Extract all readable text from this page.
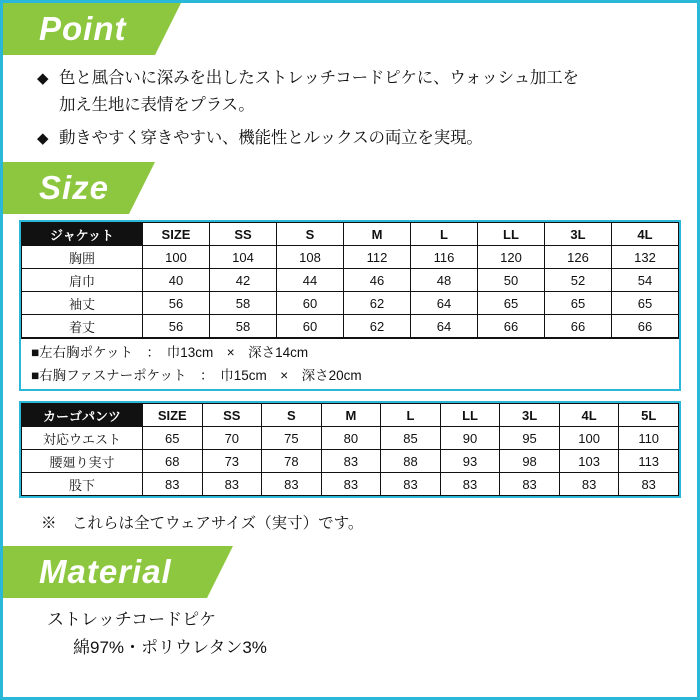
Point
◆ 色と風合いに深みを出したストレッチコードピケに、ウォッシュ加工を
加え生地に表情をプラス。
◆ 動きやすく穿きやすい、機能性とルックスの両立を実現。
Size
ジャケット	SIZE	SS	S	M	L	LL	3L	4L
胸囲	100	104	108	112	116	120	126	132
肩巾	40	42	44	46	48	50	52	54
袖丈	56	58	60	62	64	65	65	65
着丈	56	58	60	62	64	66	66	66
■左右胸ポケット　：　巾13cm　×　深さ14cm
■右胸ファスナーポケット　：　巾15cm　×　深さ20cm
カーゴパンツ	SIZE	SS	S	M	L	LL	3L	4L	5L
対応ウエスト	65	70	75	80	85	90	95	100	110
腰廻り実寸	68	73	78	83	88	93	98	103	113
股下	83	83	83	83	83	83	83	83	83
※　これらは全てウェアサイズ（実寸）です。
Material
ストレッチコードピケ
綿97%・ポリウレタン3%
